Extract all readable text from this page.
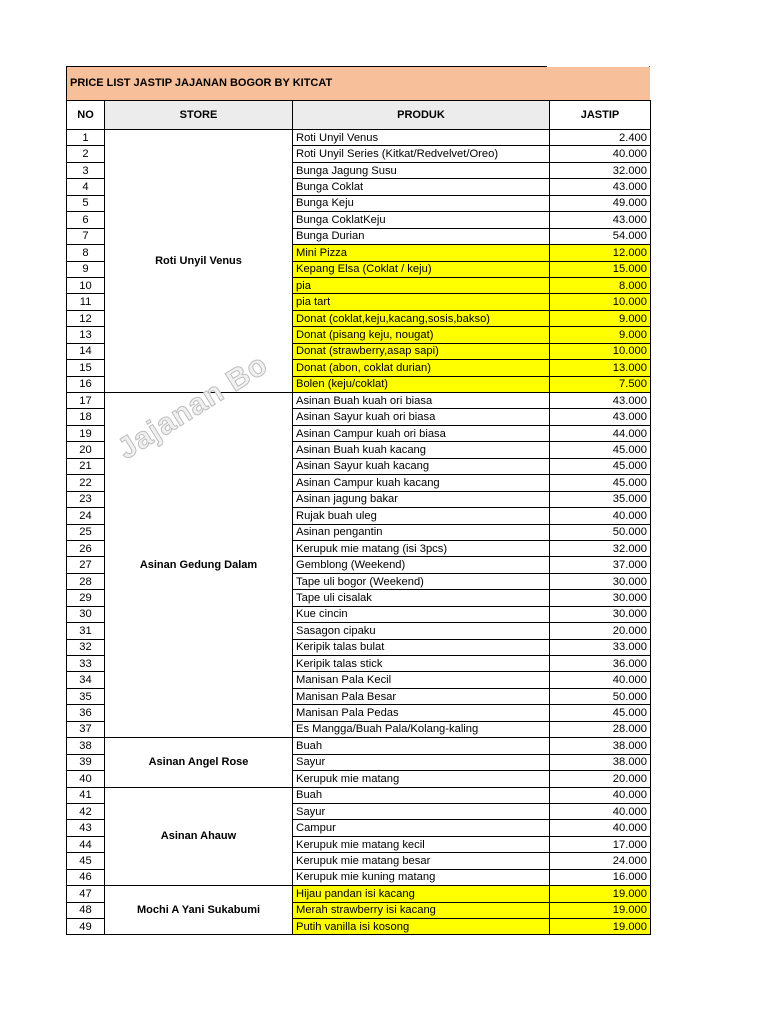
PRICE LIST JASTIP JAJANAN BOGOR BY KITCAT
NO	STORE	PRODUK	JASTIP
1	Roti Unyil Venus	Roti Unyil Venus	2.400
2		Roti Unyil Series (Kitkat/Redvelvet/Oreo)	40.000
3		Bunga Jagung Susu	32.000
4		Bunga Coklat	43.000
5		Bunga Keju	49.000
6		Bunga CoklatKeju	43.000
7		Bunga Durian	54.000
8		Mini Pizza	12.000
9		Kepang Elsa (Coklat / keju)	15.000
10		pia	8.000
11		pia tart	10.000
12		Donat (coklat,keju,kacang,sosis,bakso)	9.000
13		Donat (pisang keju, nougat)	9.000
14		Donat (strawberry,asap sapi)	10.000
15		Donat (abon, coklat durian)	13.000
16		Bolen (keju/coklat)	7.500
17	Asinan Gedung Dalam	Asinan Buah kuah ori biasa	43.000
18		Asinan Sayur kuah ori biasa	43.000
19		Asinan Campur kuah ori biasa	44.000
20		Asinan Buah kuah kacang	45.000
21		Asinan Sayur kuah kacang	45.000
22		Asinan Campur kuah kacang	45.000
23		Asinan jagung bakar	35.000
24		Rujak buah uleg	40.000
25		Asinan pengantin	50.000
26		Kerupuk mie matang (isi 3pcs)	32.000
27		Gemblong (Weekend)	37.000
28		Tape uli bogor (Weekend)	30.000
29		Tape uli cisalak	30.000
30		Kue cincin	30.000
31		Sasagon cipaku	20.000
32		Keripik talas bulat	33.000
33		Keripik talas stick	36.000
34		Manisan Pala Kecil	40.000
35		Manisan Pala Besar	50.000
36		Manisan Pala Pedas	45.000
37		Es Mangga/Buah Pala/Kolang-kaling	28.000
38	Asinan Angel Rose	Buah	38.000
39		Sayur	38.000
40		Kerupuk mie matang	20.000
41	Asinan Ahauw	Buah	40.000
42		Sayur	40.000
43		Campur	40.000
44		Kerupuk mie matang kecil	17.000
45		Kerupuk mie matang besar	24.000
46		Kerupuk mie kuning matang	16.000
47	Mochi A Yani Sukabumi	Hijau pandan isi kacang	19.000
48		Merah strawberry isi kacang	19.000
49		Putih vanilla isi kosong	19.000
Jajanan Bo
